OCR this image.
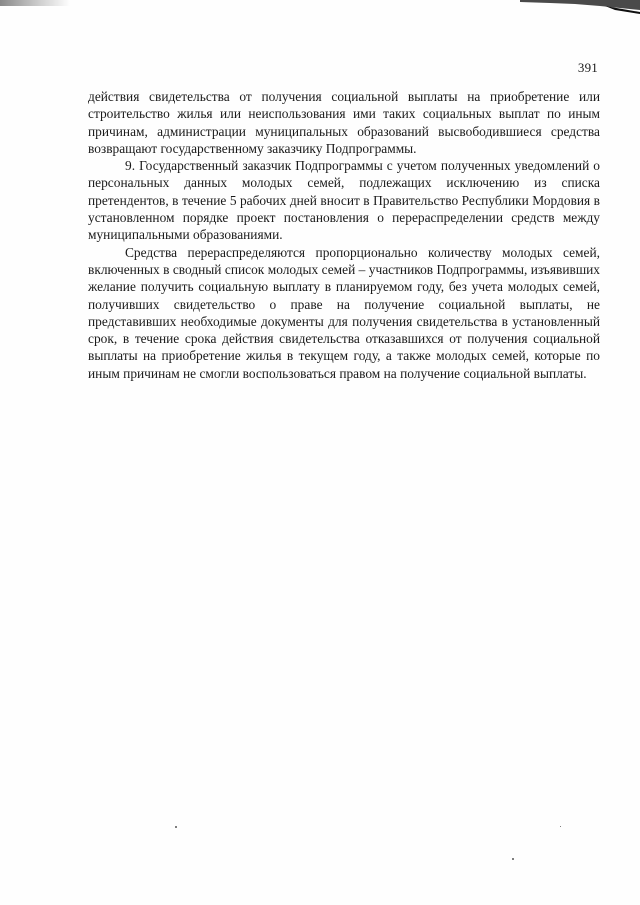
391

действия свидетельства от получения социальной выплаты на приобретение или строительство жилья или неиспользования ими таких социальных выплат по иным причинам, администрации муниципальных образований высвободившиеся средства возвращают государственному заказчику Подпрограммы.

9. Государственный заказчик Подпрограммы с учетом полученных уведомлений о персональных данных молодых семей, подлежащих исключению из списка претендентов, в течение 5 рабочих дней вносит в Правительство Республики Мордовия в установленном порядке проект постановления о перераспределении средств между муниципальными образованиями.

Средства перераспределяются пропорционально количеству молодых семей, включенных в сводный список молодых семей – участников Подпрограммы, изъявивших желание получить социальную выплату в планируемом году, без учета молодых семей, получивших свидетельство о праве на получение социальной выплаты, не представивших необходимые документы для получения свидетельства в установленный срок, в течение срока действия свидетельства отказавшихся от получения социальной выплаты на приобретение жилья в текущем году, а также молодых семей, которые по иным причинам не смогли воспользоваться правом на получение социальной выплаты.
